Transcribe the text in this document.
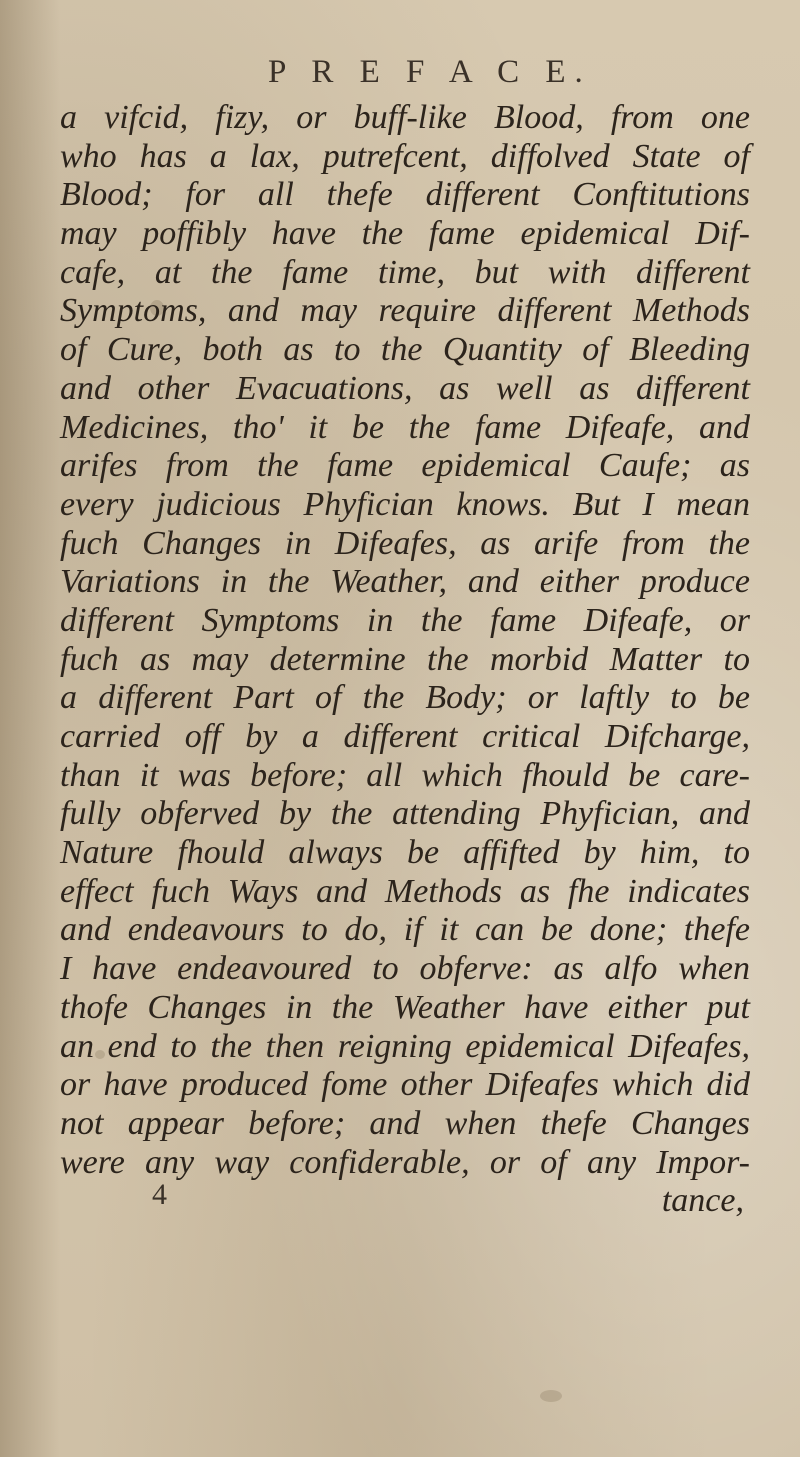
P R E F A C E.
a vifcid, fizy, or buff-like Blood, from one
who has a lax, putrefcent, diffolved State of
Blood; for all thefe different Conftitutions
may poffibly have the fame epidemical Dif-
cafe, at the fame time, but with different
Symptoms, and may require different Methods
of Cure, both as to the Quantity of Bleeding
and other Evacuations, as well as different
Medicines, tho' it be the fame Difeafe, and
arifes from the fame epidemical Caufe; as
every judicious Phyfician knows. But I mean
fuch Changes in Difeafes, as arife from the
Variations in the Weather, and either produce
different Symptoms in the fame Difeafe, or
fuch as may determine the morbid Matter to
a different Part of the Body; or laftly to be
carried off by a different critical Difcharge,
than it was before; all which fhould be care-
fully obferved by the attending Phyfician, and
Nature fhould always be affifted by him, to
effect fuch Ways and Methods as fhe indicates
and endeavours to do, if it can be done; thefe
I have endeavoured to obferve: as alfo when
thofe Changes in the Weather have either put
an end to the then reigning epidemical Difeafes,
or have produced fome other Difeafes which did
not appear before; and when thefe Changes
were any way confiderable, or of any Impor-
tance,
4
